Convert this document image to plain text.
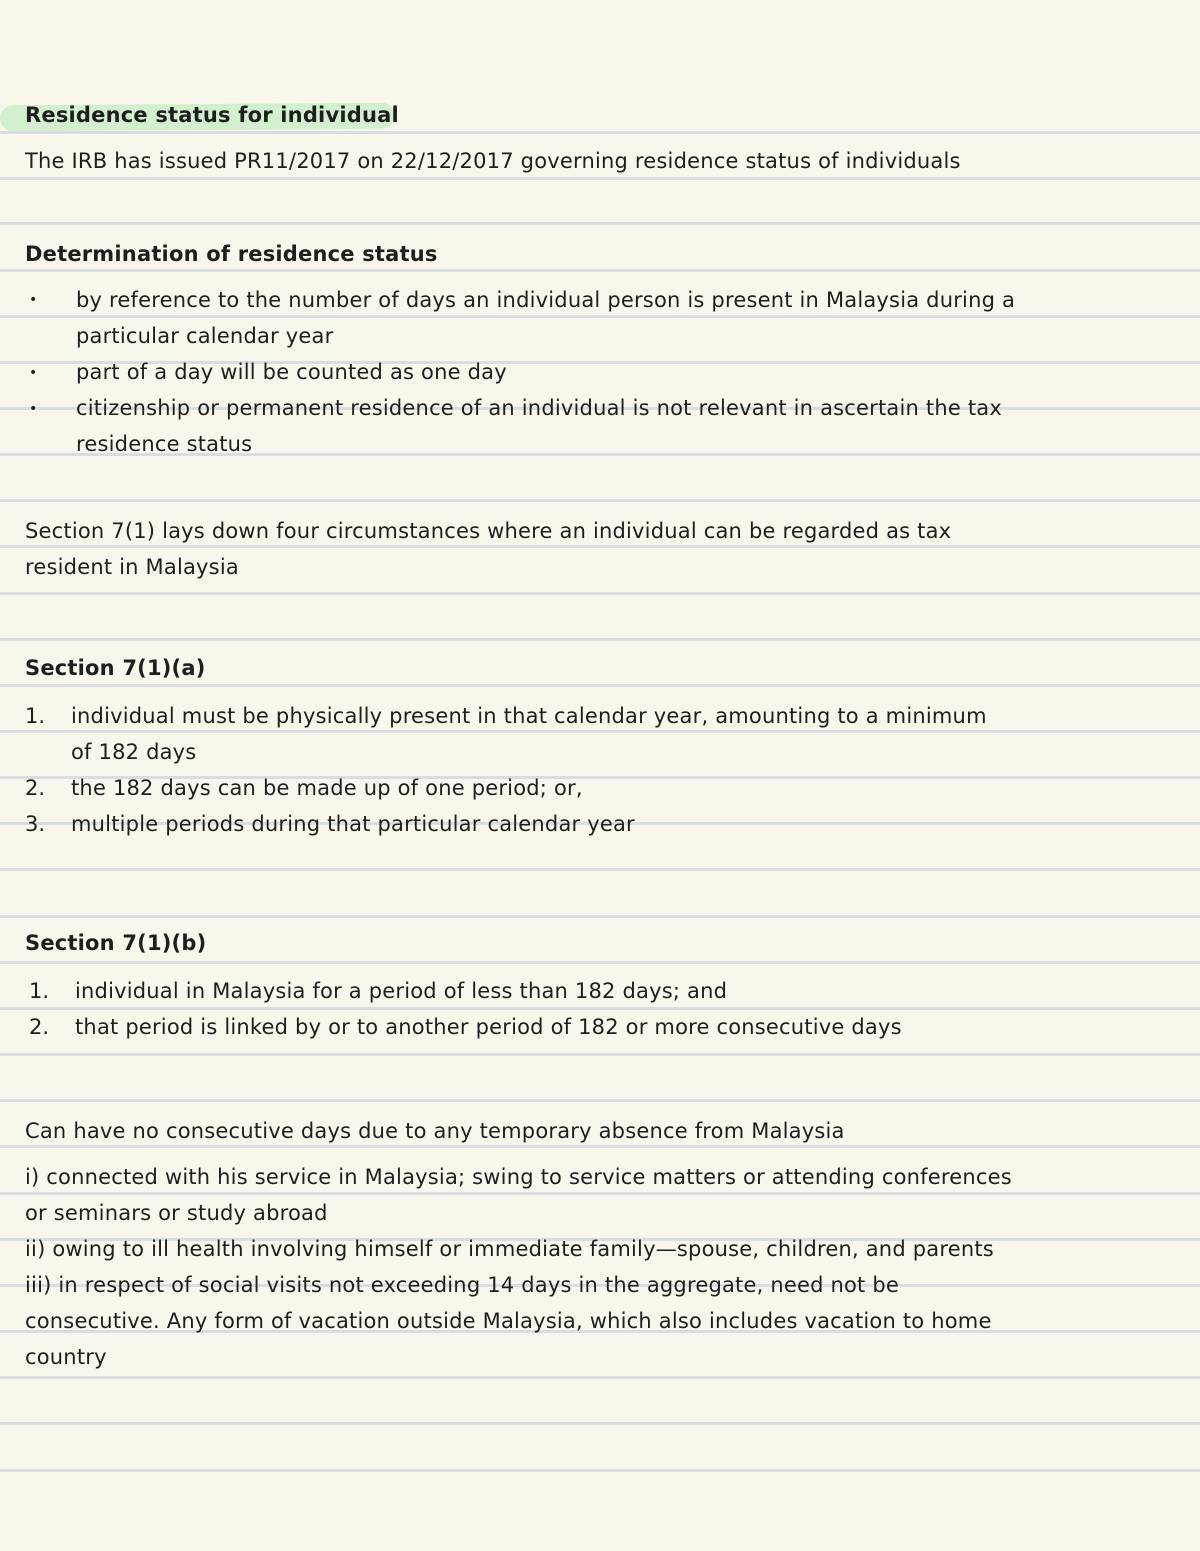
Residence status for individual
The IRB has issued PR11/2017 on 22/12/2017 governing residence status of individuals
Determination of residence status
• by reference to the number of days an individual person is present in Malaysia during a
particular calendar year
• part of a day will be counted as one day
• citizenship or permanent residence of an individual is not relevant in ascertain the tax
residence status
Section 7(1) lays down four circumstances where an individual can be regarded as tax
resident in Malaysia
Section 7(1)(a)
1. individual must be physically present in that calendar year, amounting to a minimum
of 182 days
2. the 182 days can be made up of one period; or,
3. multiple periods during that particular calendar year
Section 7(1)(b)
1. individual in Malaysia for a period of less than 182 days; and
2. that period is linked by or to another period of 182 or more consecutive days
Can have no consecutive days due to any temporary absence from Malaysia
i) connected with his service in Malaysia; swing to service matters or attending conferences
or seminars or study abroad
ii) owing to ill health involving himself or immediate family—spouse, children, and parents
iii) in respect of social visits not exceeding 14 days in the aggregate, need not be
consecutive. Any form of vacation outside Malaysia, which also includes vacation to home
country
